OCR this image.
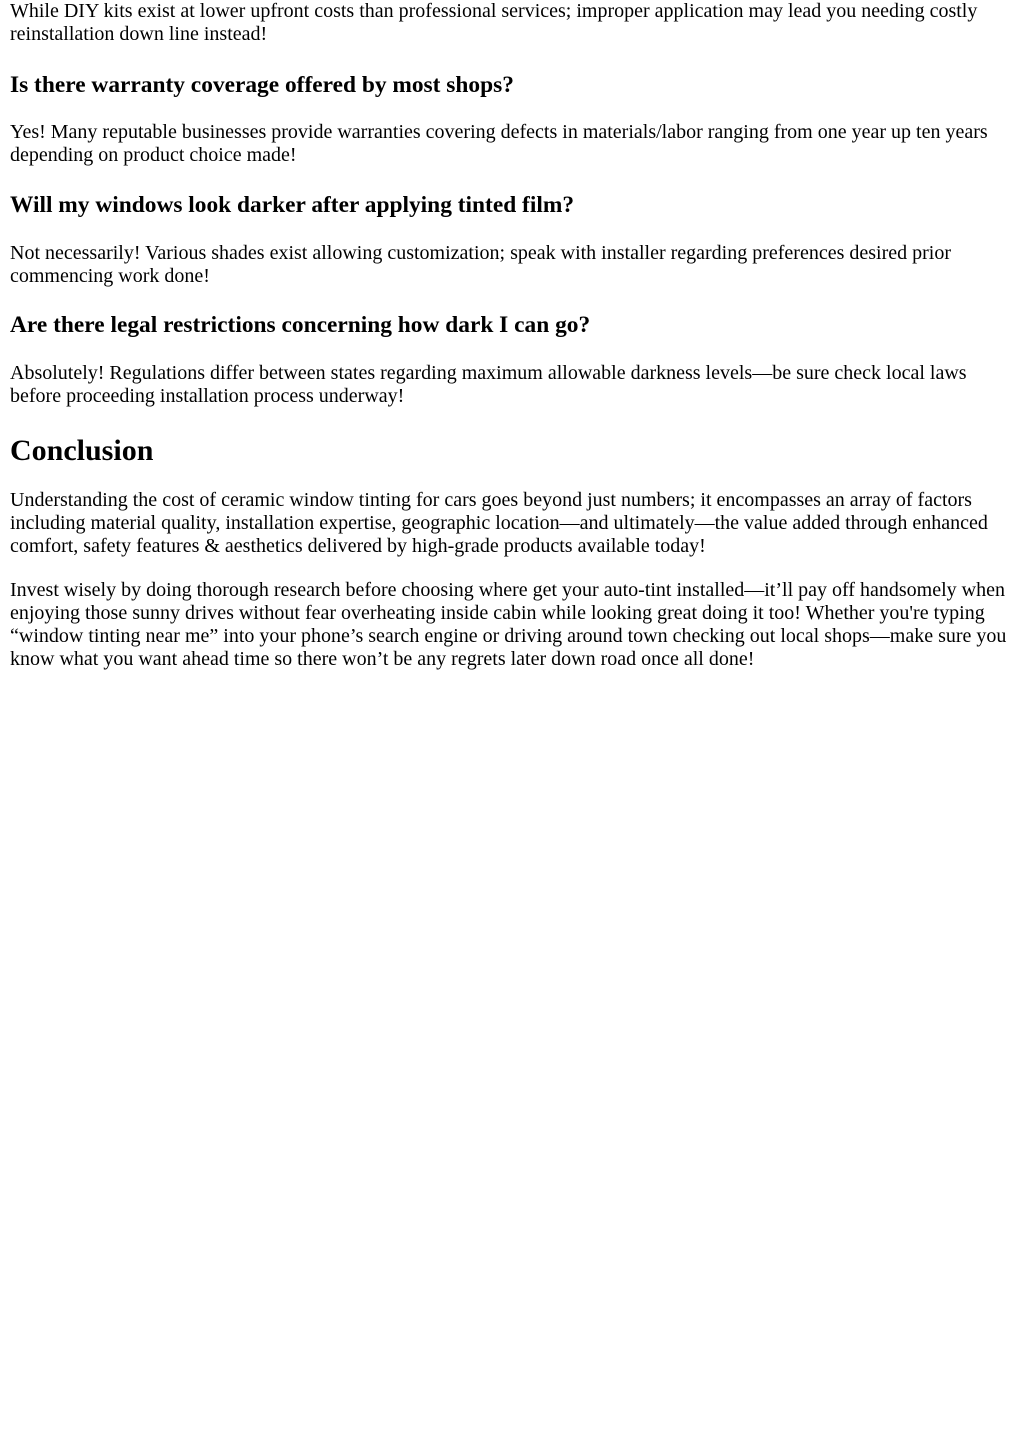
While DIY kits exist at lower upfront costs than professional services; improper application may lead you needing costly reinstallation down line instead!

Is there warranty coverage offered by most shops?

Yes! Many reputable businesses provide warranties covering defects in materials/labor ranging from one year up ten years depending on product choice made!

Will my windows look darker after applying tinted film?

Not necessarily! Various shades exist allowing customization; speak with installer regarding preferences desired prior commencing work done!

Are there legal restrictions concerning how dark I can go?

Absolutely! Regulations differ between states regarding maximum allowable darkness levels—be sure check local laws before proceeding installation process underway!

Conclusion

Understanding the cost of ceramic window tinting for cars goes beyond just numbers; it encompasses an array of factors including material quality, installation expertise, geographic location—and ultimately—the value added through enhanced comfort, safety features & aesthetics delivered by high-grade products available today!

Invest wisely by doing thorough research before choosing where get your auto-tint installed—it’ll pay off handsomely when enjoying those sunny drives without fear overheating inside cabin while looking great doing it too! Whether you're typing “window tinting near me” into your phone’s search engine or driving around town checking out local shops—make sure you know what you want ahead time so there won’t be any regrets later down road once all done!
